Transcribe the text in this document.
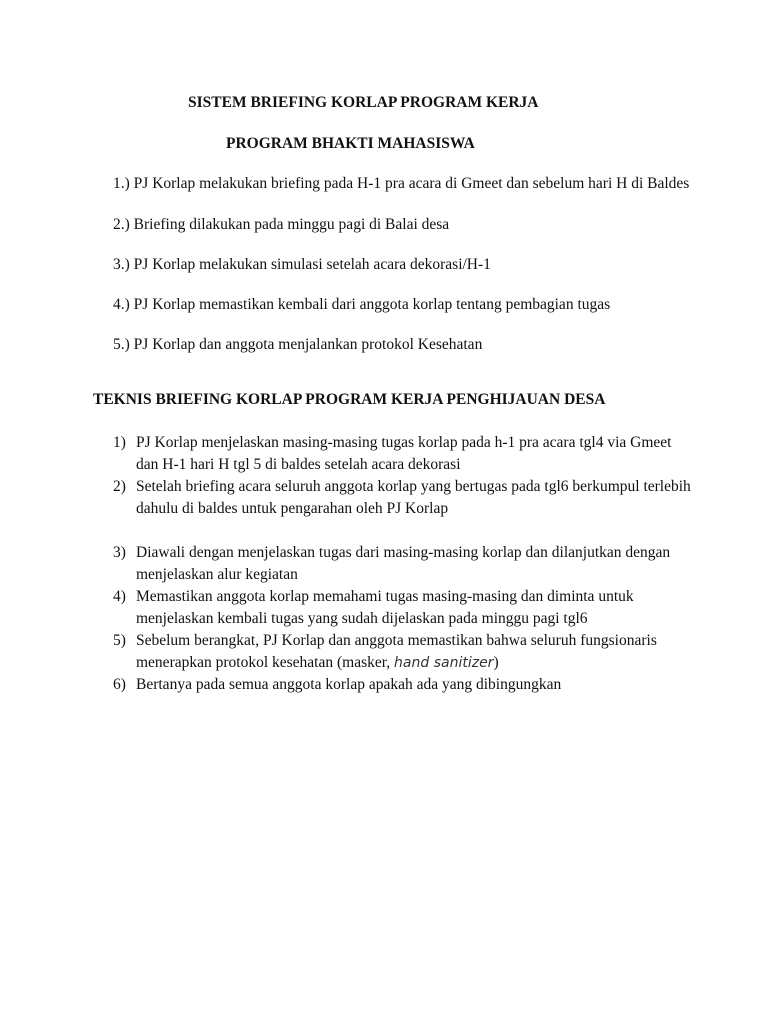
SISTEM BRIEFING KORLAP PROGRAM KERJA
PROGRAM BHAKTI MAHASISWA
1.) PJ Korlap melakukan briefing pada H-1 pra acara di Gmeet dan sebelum hari H di Baldes
2.) Briefing dilakukan pada minggu pagi di Balai desa
3.) PJ Korlap melakukan simulasi setelah acara dekorasi/H-1
4.) PJ Korlap memastikan kembali dari anggota korlap tentang pembagian tugas
5.) PJ Korlap dan anggota menjalankan protokol Kesehatan
TEKNIS BRIEFING KORLAP PROGRAM KERJA PENGHIJAUAN DESA
1) PJ Korlap menjelaskan masing-masing tugas korlap pada h-1 pra acara tgl4 via Gmeet dan H-1 hari H tgl 5 di baldes setelah acara dekorasi
2) Setelah briefing acara seluruh anggota korlap yang bertugas pada tgl6 berkumpul terlebih dahulu di baldes untuk pengarahan oleh PJ Korlap
3) Diawali dengan menjelaskan tugas dari masing-masing korlap dan dilanjutkan dengan menjelaskan alur kegiatan
4) Memastikan anggota korlap memahami tugas masing-masing dan diminta untuk menjelaskan kembali tugas yang sudah dijelaskan pada minggu pagi tgl6
5) Sebelum berangkat, PJ Korlap dan anggota memastikan bahwa seluruh fungsionaris menerapkan protokol kesehatan (masker, hand sanitizer)
6) Bertanya pada semua anggota korlap apakah ada yang dibingungkan
